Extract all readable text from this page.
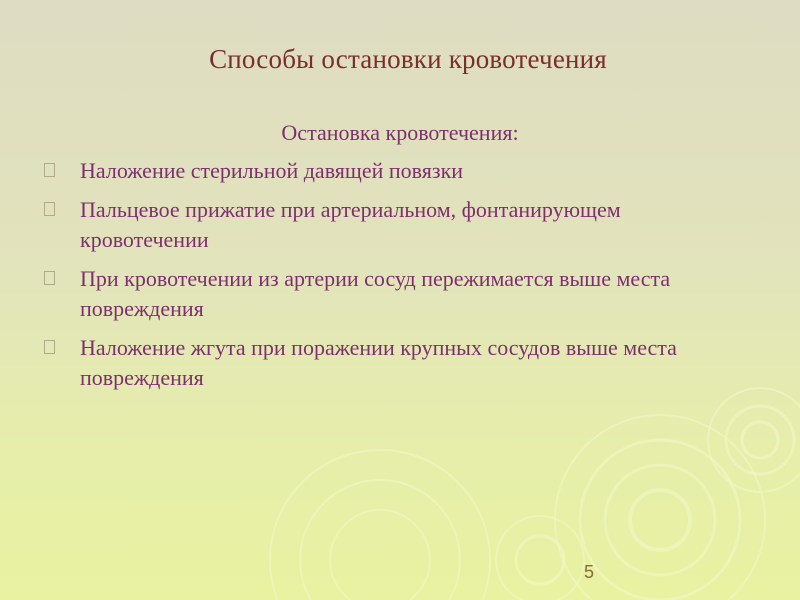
Способы остановки кровотечения
Остановка кровотечения:
Наложение стерильной давящей повязки
Пальцевое прижатие при артериальном, фонтанирующем кровотечении
При кровотечении из артерии сосуд пережимается выше места повреждения
Наложение жгута при поражении крупных сосудов выше места повреждения
5
